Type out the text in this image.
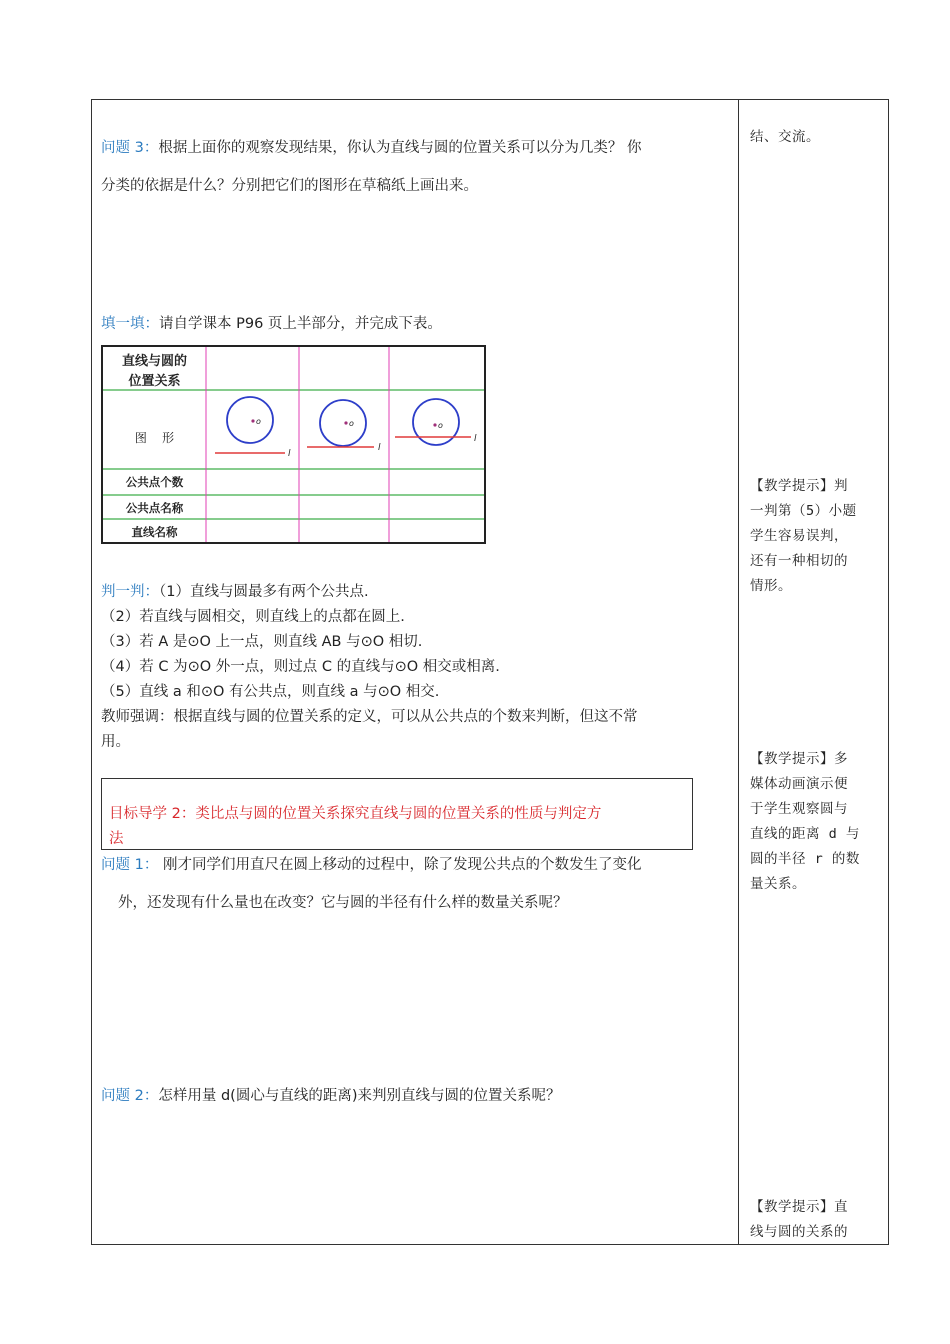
问题 3：根据上面你的观察发现结果，你认为直线与圆的位置关系可以分为几类？ 你
分类的依据是什么？分别把它们的图形在草稿纸上画出来。
填一填：请自学课本 P96 页上半部分，并完成下表。
o
l
o
l
o
l
直线与圆的
位置关系
图    形
公共点个数
公共点名称
直线名称
判一判：（1）直线与圆最多有两个公共点.
（2）若直线与圆相交，则直线上的点都在圆上.
（3）若 A 是⊙O 上一点，则直线 AB 与⊙O 相切.
（4）若 C 为⊙O 外一点，则过点 C 的直线与⊙O 相交或相离.
（5）直线 a 和⊙O 有公共点，则直线 a 与⊙O 相交.
教师强调：根据直线与圆的位置关系的定义，可以从公共点的个数来判断，但这不常
用。
目标导学 2：类比点与圆的位置关系探究直线与圆的位置关系的性质与判定方
法
问题 1： 刚才同学们用直尺在圆上移动的过程中，除了发现公共点的个数发生了变化
外，还发现有什么量也在改变？它与圆的半径有什么样的数量关系呢？
问题 2：怎样用量 d(圆心与直线的距离)来判别直线与圆的位置关系呢？
结、交流。
【教学提示】判
一判第（5）小题
学生容易误判，
还有一种相切的
情形。
【教学提示】多
媒体动画演示便
于学生观察圆与
直线的距离 d 与
圆的半径 r 的数
量关系。
【教学提示】直
线与圆的关系的
